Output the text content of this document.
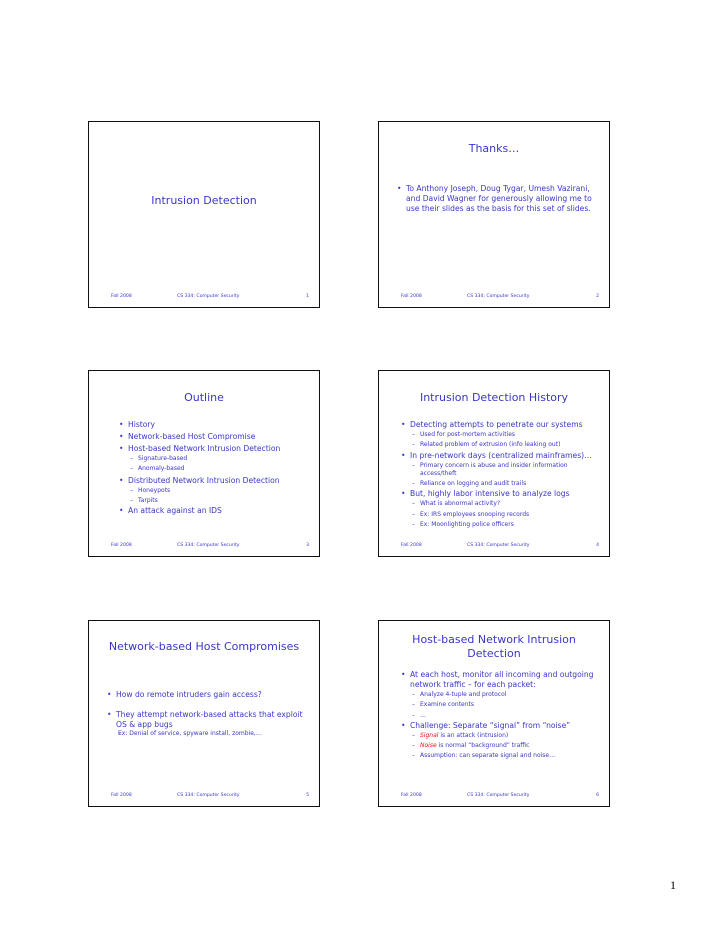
Intrusion Detection
Fall 2008	CS 334: Computer Security	1
Thanks…
• To Anthony Joseph, Doug Tygar, Umesh Vazirani, and David Wagner for generously allowing me to use their slides as the basis for this set of slides.
Fall 2008	CS 334: Computer Security	2
Outline
• History
• Network-based Host Compromise
• Host-based Network Intrusion Detection
– Signature-based
– Anomaly-based
• Distributed Network Intrusion Detection
– Honeypots
– Tarpits
• An attack against an IDS
Fall 2008	CS 334: Computer Security	3
Intrusion Detection History
• Detecting attempts to penetrate our systems
– Used for post-mortem activities
– Related problem of extrusion (info leaking out)
• In pre-network days (centralized mainframes)…
– Primary concern is abuse and insider information access/theft
– Reliance on logging and audit trails
• But, highly labor intensive to analyze logs
– What is abnormal activity?
– Ex: IRS employees snooping records
– Ex: Moonlighting police officers
Fall 2008	CS 334: Computer Security	4
Network-based Host Compromises
• How do remote intruders gain access?
• They attempt network-based attacks that exploit OS & app bugs
– Ex: Denial of service, spyware install, zombie,…
Fall 2008	CS 334: Computer Security	5
Host-based Network Intrusion Detection
• At each host, monitor all incoming and outgoing network traffic – for each packet:
– Analyze 4-tuple and protocol
– Examine contents
– …
• Challenge: Separate “signal” from “noise”
– Signal is an attack (intrusion)
– Noise is normal “background” traffic
– Assumption: can separate signal and noise…
Fall 2008	CS 334: Computer Security	6
1
